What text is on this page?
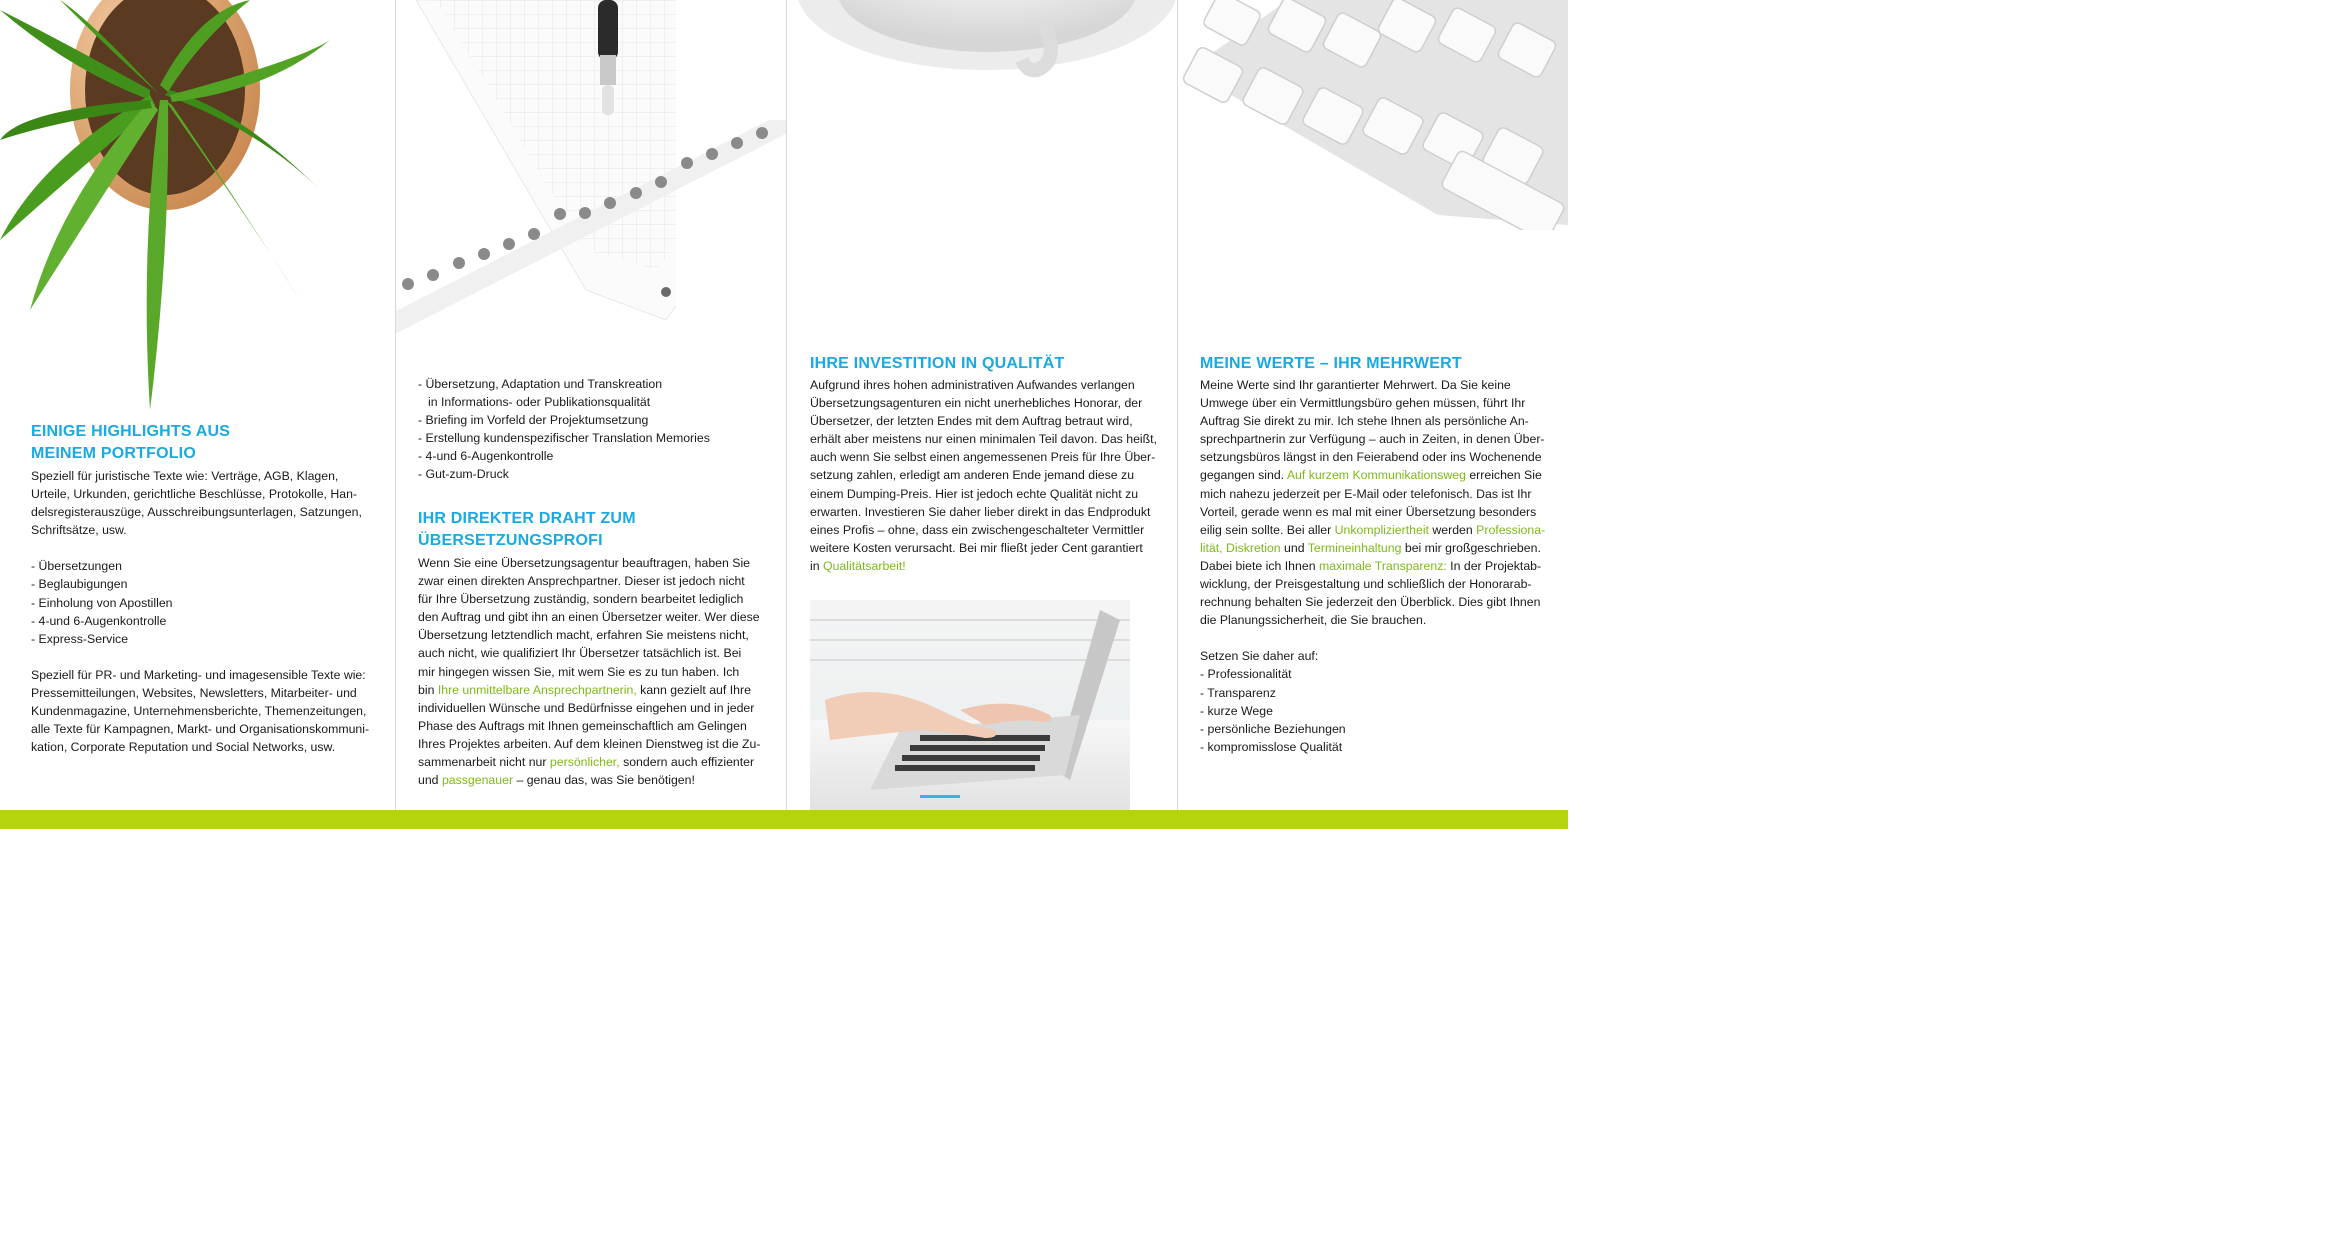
EINIGE HIGHLIGHTS AUS
MEINEM PORTFOLIO

Speziell für juristische Texte wie: Verträge, AGB, Klagen,

Urteile, Urkunden, gerichtliche Beschlüsse, Protokolle, Han-

delsregisterauszüge, Ausschreibungsunterlagen, Satzungen,

Schriftsätze, usw.

- Übersetzungen
- Beglaubigungen
- Einholung von Apostillen
- 4-und 6-Augenkontrolle
- Express-Service

Speziell für PR- und Marketing- und imagesensible Texte wie:

Pressemitteilungen, Websites, Newsletters, Mitarbeiter- und

Kundenmagazine, Unternehmensberichte, Themenzeitungen,

alle Texte für Kampagnen, Markt- und Organisationskommuni-

kation, Corporate Reputation und Social Networks, usw.

- Übersetzung, Adaptation und Transkreation

in Informations- oder Publikationsqualität

- Briefing im Vorfeld der Projektumsetzung
- Erstellung kundenspezifischer Translation Memories
- 4-und 6-Augenkontrolle
- Gut-zum-Druck
IHR DIREKTER DRAHT ZUM
ÜBERSETZUNGSPROFI

Wenn Sie eine Übersetzungsagentur beauftragen, haben Sie

zwar einen direkten Ansprechpartner. Dieser ist jedoch nicht

für Ihre Übersetzung zuständig, sondern bearbeitet lediglich

den Auftrag und gibt ihn an einen Übersetzer weiter. Wer diese

Übersetzung letztendlich macht, erfahren Sie meistens nicht,

auch nicht, wie qualifiziert Ihr Übersetzer tatsächlich ist. Bei

mir hingegen wissen Sie, mit wem Sie es zu tun haben. Ich

bin Ihre unmittelbare Ansprechpartnerin, kann gezielt auf Ihre

individuellen Wünsche und Bedürfnisse eingehen und in jeder

Phase des Auftrags mit Ihnen gemeinschaftlich am Gelingen

Ihres Projektes arbeiten. Auf dem kleinen Dienstweg ist die Zu-

sammenarbeit nicht nur persönlicher, sondern auch effizienter

und passgenauer – genau das, was Sie benötigen!

IHRE INVESTITION IN QUALITÄT

Aufgrund ihres hohen administrativen Aufwandes verlangen

Übersetzungsagenturen ein nicht unerhebliches Honorar, der

Übersetzer, der letzten Endes mit dem Auftrag betraut wird,

erhält aber meistens nur einen minimalen Teil davon. Das heißt,

auch wenn Sie selbst einen angemessenen Preis für Ihre Über-

setzung zahlen, erledigt am anderen Ende jemand diese zu

einem Dumping-Preis. Hier ist jedoch echte Qualität nicht zu

erwarten. Investieren Sie daher lieber direkt in das Endprodukt

eines Profis – ohne, dass ein zwischengeschalteter Vermittler

weitere Kosten verursacht. Bei mir fließt jeder Cent garantiert

in Qualitätsarbeit!

MEINE WERTE – IHR MEHRWERT

Meine Werte sind Ihr garantierter Mehrwert. Da Sie keine

Umwege über ein Vermittlungsbüro gehen müssen, führt Ihr

Auftrag Sie direkt zu mir. Ich stehe Ihnen als persönliche An-

sprechpartnerin zur Verfügung – auch in Zeiten, in denen Über-

setzungsbüros längst in den Feierabend oder ins Wochenende

gegangen sind. Auf kurzem Kommunikationsweg erreichen Sie

mich nahezu jederzeit per E-Mail oder telefonisch. Das ist Ihr

Vorteil, gerade wenn es mal mit einer Übersetzung besonders

eilig sein sollte. Bei aller Unkompliziertheit werden Professiona-

lität, Diskretion und Termineinhaltung bei mir großgeschrieben.

Dabei biete ich Ihnen maximale Transparenz: In der Projektab-

wicklung, der Preisgestaltung und schließlich der Honorarab-

rechnung behalten Sie jederzeit den Überblick. Dies gibt Ihnen

die Planungssicherheit, die Sie brauchen.

Setzen Sie daher auf:

- Professionalität
- Transparenz
- kurze Wege
- persönliche Beziehungen
- kompromisslose Qualität
